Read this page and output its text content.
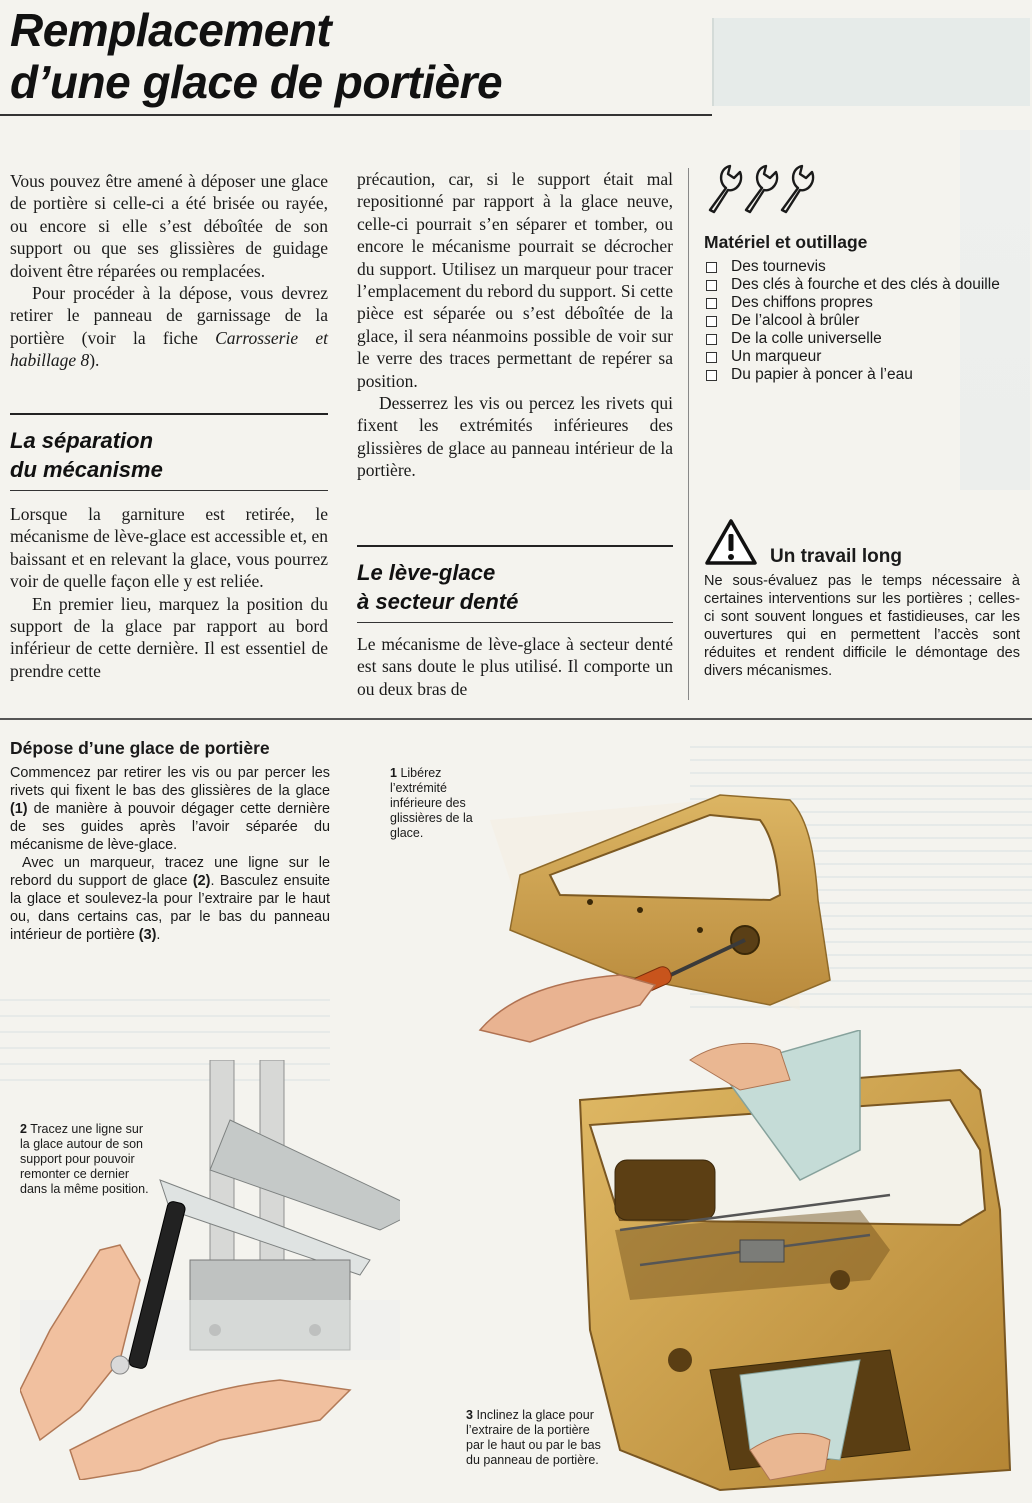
Remplacement
d’une glace de portière

Vous pouvez être amené à déposer une glace de portière si celle-ci a été brisée ou rayée, ou encore si elle s’est déboîtée de son support ou que ses glissières de guidage doivent être réparées ou remplacées.

Pour procéder à la dépose, vous devrez retirer le panneau de garnissage de la portière (voir la fiche Carrosserie et habillage 8).

La séparation
du mécanisme

Lorsque la garniture est retirée, le mécanisme de lève-glace est accessible et, en baissant et en relevant la glace, vous pourrez voir de quelle façon elle y est reliée.

En premier lieu, marquez la position du support de la glace par rapport au bord inférieur de cette dernière. Il est essentiel de prendre cette

précaution, car, si le support était mal repositionné par rapport à la glace neuve, celle-ci pourrait s’en séparer et tomber, ou encore le mécanisme pourrait se décrocher du support. Utilisez un marqueur pour tracer l’emplacement du rebord du support. Si cette pièce est séparée ou s’est déboîtée de la glace, il sera néanmoins possible de voir sur le verre des traces permettant de repérer sa position.

Desserrez les vis ou percez les rivets qui fixent les extrémités inférieures des glissières de glace au panneau intérieur de la portière.

Le lève-glace
à secteur denté

Le mécanisme de lève-glace à secteur denté est sans doute le plus utilisé. Il comporte un ou deux bras de

Matériel et outillage
Des tournevis
Des clés à fourche et des clés à douille
Des chiffons propres
De l’alcool à brûler
De la colle universelle
Un marqueur
Du papier à poncer à l’eau
Un travail long
Ne sous-évaluez pas le temps nécessaire à certaines interventions sur les portières ; celles-ci sont souvent longues et fastidieuses, car les ouvertures qui en permettent l’accès sont réduites et rendent difficile le démontage des divers mécanismes.
Dépose d’une glace de portière

Commencez par retirer les vis ou par percer les rivets qui fixent le bas des glissières de la glace (1) de manière à pouvoir dégager cette dernière de ses guides après l’avoir séparée du mécanisme de lève-glace.

Avec un marqueur, tracez une ligne sur le rebord du support de glace (2). Basculez ensuite la glace et soulevez-la pour l’extraire par le haut ou, dans certains cas, par le bas du panneau intérieur de portière (3).

1 Libérez l’extrémité inférieure des glissières de la glace.
2 Tracez une ligne sur la glace autour de son support pour pouvoir remonter ce dernier dans la même position.
3 Inclinez la glace pour l’extraire de la portière par le haut ou par le bas du panneau de portière.
